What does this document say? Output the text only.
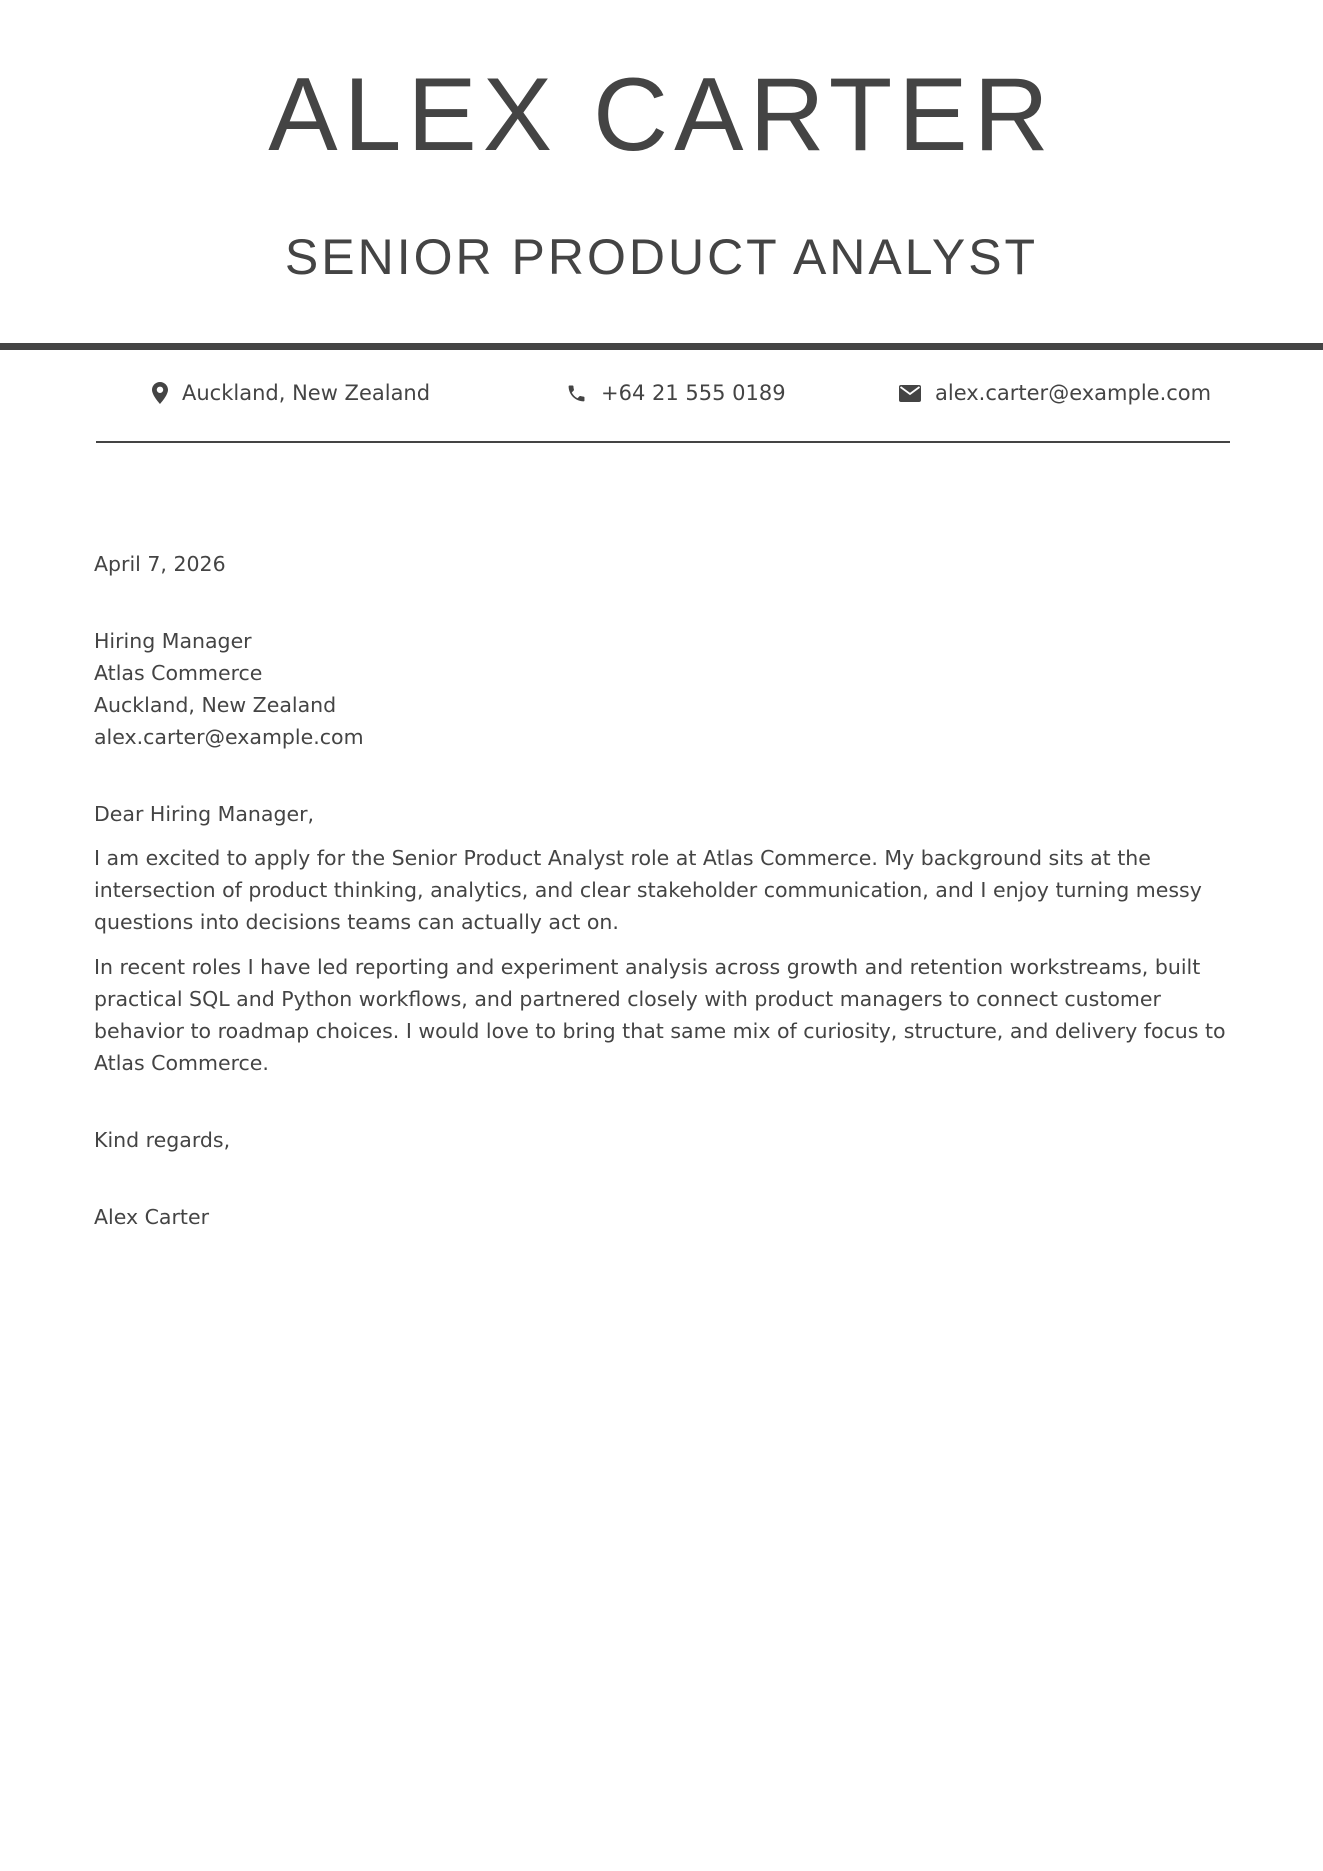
ALEX CARTER
SENIOR PRODUCT ANALYST
Auckland, New Zealand	+64 21 555 0189	alex.carter@example.com

April 7, 2026

Hiring Manager

Atlas Commerce

Auckland, New Zealand

alex.carter@example.com

Dear Hiring Manager,

I am excited to apply for the Senior Product Analyst role at Atlas Commerce. My background sits at the intersection of product thinking, analytics, and clear stakeholder communication, and I enjoy turning messy questions into decisions teams can actually act on.

In recent roles I have led reporting and experiment analysis across growth and retention workstreams, built practical SQL and Python workflows, and partnered closely with product managers to connect customer behavior to roadmap choices. I would love to bring that same mix of curiosity, structure, and delivery focus to Atlas Commerce.

Kind regards,

Alex Carter
